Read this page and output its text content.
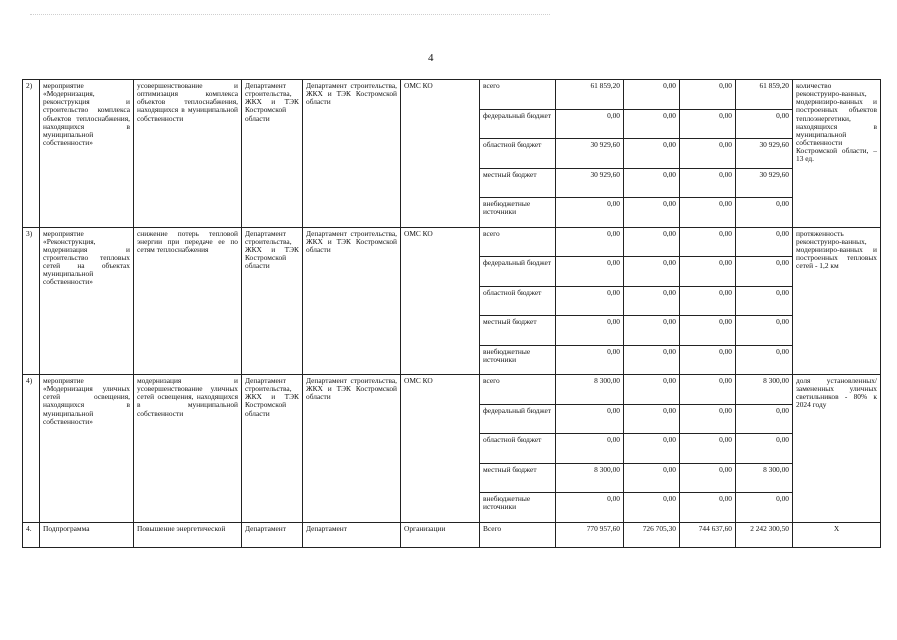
4
2)	мероприятие «Модернизация, реконструкция и строительство комплекса объектов теплоснабжения, находящихся в муниципальной собственности»	усовершенствование и оптимизация комплекса объектов теплоснабжения, находящихся в муниципальной собственности	Департамент строительства, ЖКХ и ТЭК Костромской области	Департамент строительства, ЖКХ и ТЭК Костромской области	ОМС КО	всего	61 859,20	0,00	0,00	61 859,20	количество реконструиро-ванных, модернизиро-ванных и построенных объектов теплоэнергетики, находящихся в муниципальной собственности Костромской области, – 13 ед.
						федеральный бюджет	0,00	0,00	0,00	0,00	
						областной бюджет	30 929,60	0,00	0,00	30 929,60	
						местный бюджет	30 929,60	0,00	0,00	30 929,60	
						внебюджетные источники	0,00	0,00	0,00	0,00	
3)	мероприятие «Реконструкция, модернизация и строительство тепловых сетей на объектах муниципальной собственности»	снижение потерь тепловой энергии при передаче ее по сетям теплоснабжения	Департамент строительства, ЖКХ и ТЭК Костромской области	Департамент строительства, ЖКХ и ТЭК Костромской области	ОМС КО	всего	0,00	0,00	0,00	0,00	протяженность реконструиро-ванных, модернизиро-ванных и построенных тепловых сетей - 1,2 км
						федеральный бюджет	0,00	0,00	0,00	0,00	
						областной бюджет	0,00	0,00	0,00	0,00	
						местный бюджет	0,00	0,00	0,00	0,00	
						внебюджетные источники	0,00	0,00	0,00	0,00	
4)	мероприятие «Модернизация уличных сетей освещения, находящихся в муниципальной собственности»	модернизация и усовершенствование уличных сетей освещения, находящихся в муниципальной собственности	Департамент строительства, ЖКХ и ТЭК Костромской области	Департамент строительства, ЖКХ и ТЭК Костромской области	ОМС КО	всего	8 300,00	0,00	0,00	8 300,00	доля установленных/ замененных уличных светильников - 80% к 2024 году
						федеральный бюджет	0,00	0,00	0,00	0,00	
						областной бюджет	0,00	0,00	0,00	0,00	
						местный бюджет	8 300,00	0,00	0,00	8 300,00	
						внебюджетные источники	0,00	0,00	0,00	0,00	
4.	Подпрограмма	Повышение энергетической	Департамент	Департамент	Организации	Всего	770 957,60	726 705,30	744 637,60	2 242 300,50	Х
